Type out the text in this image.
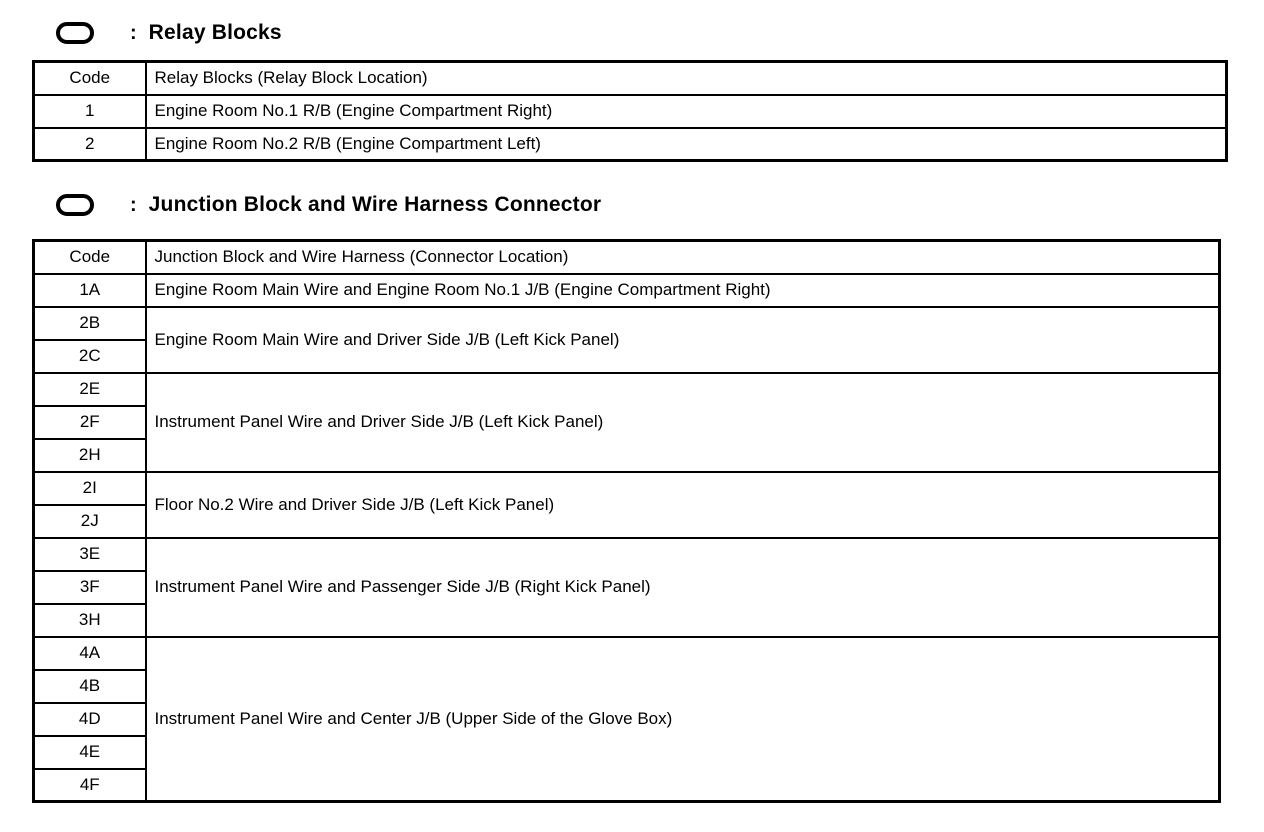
: Relay Blocks
Code	Relay Blocks (Relay Block Location)
1	Engine Room No.1 R/B (Engine Compartment Right)
2	Engine Room No.2 R/B (Engine Compartment Left)
: Junction Block and Wire Harness Connector
Code	Junction Block and Wire Harness (Connector Location)
1A	Engine Room Main Wire and Engine Room No.1 J/B (Engine Compartment Right)
2B	Engine Room Main Wire and Driver Side J/B (Left Kick Panel)
2C	
2E	Instrument Panel Wire and Driver Side J/B (Left Kick Panel)
2F	
2H	
2I	Floor No.2 Wire and Driver Side J/B (Left Kick Panel)
2J	
3E	Instrument Panel Wire and Passenger Side J/B (Right Kick Panel)
3F	
3H	
4A	Instrument Panel Wire and Center J/B (Upper Side of the Glove Box)
4B	
4D	
4E	
4F	
